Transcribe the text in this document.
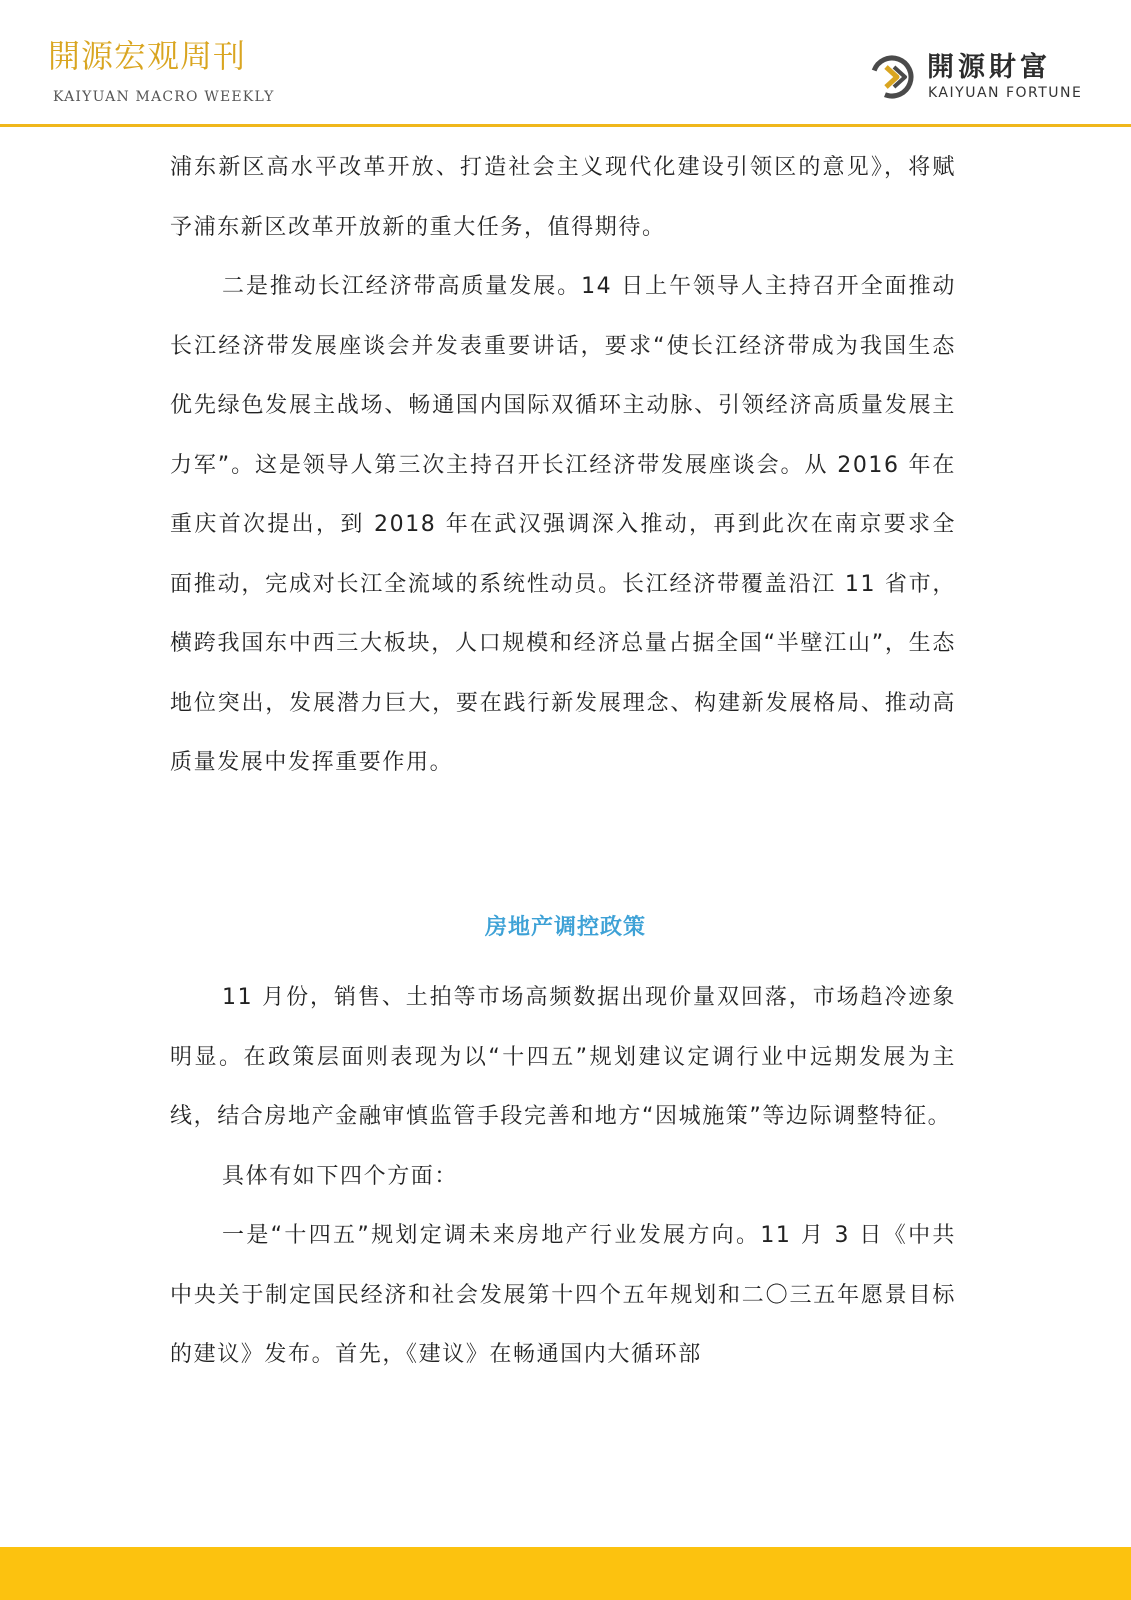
開源宏观周刊
KAIYUAN MACRO WEEKLY
開源財富
KAIYUAN FORTUNE

浦东新区高水平改革开放、打造社会主义现代化建设引领区的意见》，将赋予浦东新区改革开放新的重大任务，值得期待。

二是推动长江经济带高质量发展。14 日上午领导人主持召开全面推动长江经济带发展座谈会并发表重要讲话，要求“使长江经济带成为我国生态优先绿色发展主战场、畅通国内国际双循环主动脉、引领经济高质量发展主力军”。这是领导人第三次主持召开长江经济带发展座谈会。从 2016 年在重庆首次提出，到 2018 年在武汉强调深入推动，再到此次在南京要求全面推动，完成对长江全流域的系统性动员。长江经济带覆盖沿江 11 省市，横跨我国东中西三大板块，人口规模和经济总量占据全国“半壁江山”，生态地位突出，发展潜力巨大，要在践行新发展理念、构建新发展格局、推动高质量发展中发挥重要作用。

房地产调控政策

11 月份，销售、土拍等市场高频数据出现价量双回落，市场趋冷迹象明显。在政策层面则表现为以“十四五”规划建议定调行业中远期发展为主线，结合房地产金融审慎监管手段完善和地方“因城施策”等边际调整特征。

具体有如下四个方面：

一是“十四五”规划定调未来房地产行业发展方向。11 月 3 日《中共中央关于制定国民经济和社会发展第十四个五年规划和二〇三五年愿景目标的建议》发布。首先，《建议》在畅通国内大循环部
